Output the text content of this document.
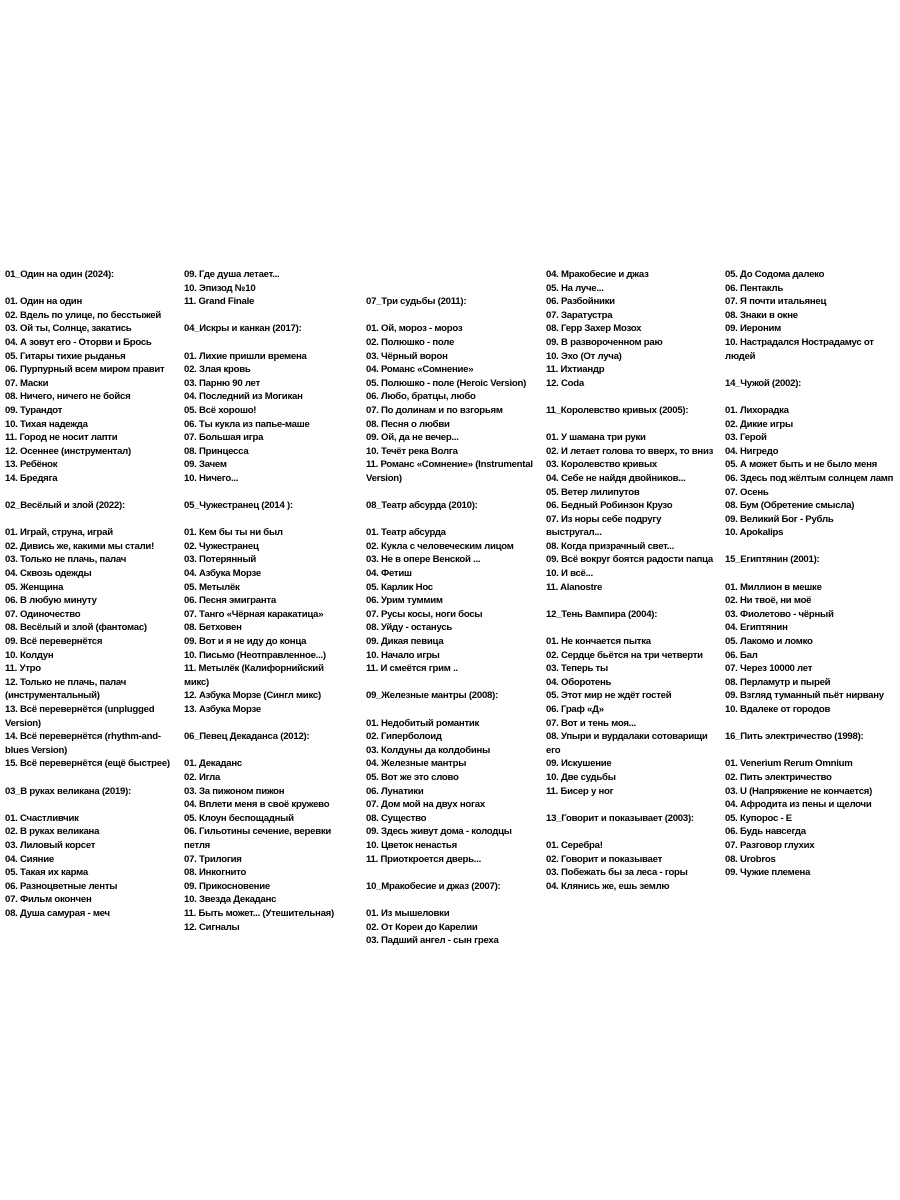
01_Один на один (2024):
01. Один на один
02. Вдель по улице, по бесстыжей
03. Ой ты, Солнце, закатись
04. А зовут его - Оторви и Брось
05. Гитары тихие рыданья
06. Пурпурный всем миром правит
07. Маски
08. Ничего, ничего не бойся
09. Турандот
10. Тихая надежда
11. Город не носит лапти
12. Осеннее (инструментал)
13. Ребёнок
14. Бредяга
02_Весёлый и злой (2022):
01. Играй, струна, играй
02. Дивись же, какими мы стали!
03. Только не плачь, палач
04. Сквозь одежды
05. Женщина
06. В любую минуту
07. Одиночество
08. Весёлый и злой (фантомас)
09. Всё перевернётся
10. Колдун
11. Утро
12. Только не плачь, палач (инструментальный)
13. Всё перевернётся (unplugged Version)
14. Всё перевернётся (rhythm-and-blues Version)
15. Всё перевернётся (ещё быстрее)
03_В руках великана (2019):
01. Счастливчик
02. В руках великана
03. Лиловый корсет
04. Сияние
05. Такая их карма
06. Разноцветные ленты
07. Фильм окончен
08. Душа самурая - меч
09. Где душа летает...
10. Эпизод №10
11. Grand Finale
04_Искры и канкан (2017):
01. Лихие пришли времена
02. Злая кровь
03. Парню 90 лет
04. Последний из Могикан
05. Всё хорошо!
06. Ты кукла из папье-маше
07. Большая игра
08. Принцесса
09. Зачем
10. Ничего...
05_Чужестранец (2014 ):
01. Кем бы ты ни был
02. Чужестранец
03. Потерянный
04. Азбука Морзе
05. Метылёк
06. Песня эмигранта
07. Танго «Чёрная каракатица»
08. Бетховен
09. Вот и я не иду до конца
10. Письмо (Неотправленное...)
11. Метылёк (Калифорнийский микс)
12. Азбука Морзе (Сингл микс)
13. Азбука Морзе
06_Певец Декаданса (2012):
01. Декаданс
02. Игла
03. За пижоном пижон
04. Вплети меня в своё кружево
05. Клоун беспощадный
06. Гильотины сечение, веревки петля
07. Трилогия
08. Инкогнито
09. Прикосновение
10. Звезда Декаданс
11. Быть может... (Утешительная)
12. Сигналы
07_Три судьбы (2011):
01. Ой, мороз - мороз
02. Полюшко - поле
03. Чёрный ворон
04. Романс «Сомнение»
05. Полюшко - поле (Heroic Version)
06. Любо, братцы, любо
07. По долинам и по взгорьям
08. Песня о любви
09. Ой, да не вечер...
10. Течёт река Волга
11. Романс «Сомнение» (Instrumental Version)
08_Театр абсурда (2010):
01. Театр абсурда
02. Кукла с человеческим лицом
03. Не в опере Венской ...
04. Фетиш
05. Карлик Нос
06. Урим туммим
07. Русы косы, ноги босы
08. Уйду - останусь
09. Дикая певица
10. Начало игры
11. И смеётся грим ..
09_Железные мантры (2008):
01. Недобитый романтик
02. Гиперболоид
03. Колдуны да колдобины
04. Железные мантры
05. Вот же это слово
06. Лунатики
07. Дом мой на двух ногах
08. Существо
09. Здесь живут дома - колодцы
10. Цветок ненастья
11. Приоткроется дверь...
10_Мракобесие и джаз (2007):
01. Из мышеловки
02. От Кореи до Карелии
03. Падший ангел - сын греха
04. Мракобесие и джаз
05. На луче...
06. Разбойники
07. Заратустра
08. Герр Захер Мозох
09. В развороченном раю
10. Эхо (От луча)
11. Ихтиандр
12. Coda
11_Королевство кривых (2005):
01. У шамана три руки
02. И летает голова то вверх, то вниз
03. Королевство кривых
04. Себе не найдя двойников...
05. Ветер лилипутов
06. Бедный Робинзон Крузо
07. Из норы себе подругу выстругал...
08. Когда призрачный свет...
09. Всё вокруг боятся радости папца
10. И всё...
11. Alanostre
12_Тень Вампира (2004):
01. Не кончается пытка
02. Сердце бьётся на три четверти
03. Теперь ты
04. Оборотень
05. Этот мир не ждёт гостей
06. Граф «Д»
07. Вот и тень моя...
08. Упыри и вурдалаки сотоварищи его
09. Искушение
10. Две судьбы
11. Бисер у ног
13_Говорит и показывает (2003):
01. Серебра!
02. Говорит и показывает
03. Побежать бы за леса - горы
04. Клянись же, ешь землю
05. До Содома далеко
06. Пентакль
07. Я почти итальянец
08. Знаки в окне
09. Иероним
10. Настрадался Нострадамус от людей
14_Чужой (2002):
01. Лихорадка
02. Дикие игры
03. Герой
04. Нигредо
05. А может быть и не было меня
06. Здесь под жёлтым солнцем ламп
07. Осень
08. Бум (Обретение смысла)
09. Великий Бог - Рубль
10. Apokalips
15_Египтянин (2001):
01. Миллион в мешке
02. Ни твоё, ни моё
03. Фиолетово - чёрный
04. Египтянин
05. Лакомо и ломко
06. Бал
07. Через 10000 лет
08. Перламутр и пырей
09. Взгляд туманный пьёт нирвану
10. Вдалеке от городов
16_Пить электричество (1998):
01. Venerium Rerum Omnium
02. Пить электричество
03. U (Напряжение не кончается)
04. Афродита из пены и щелочи
05. Купорос - Е
06. Будь навсегда
07. Разговор глухих
08. Urobros
09. Чужие племена
